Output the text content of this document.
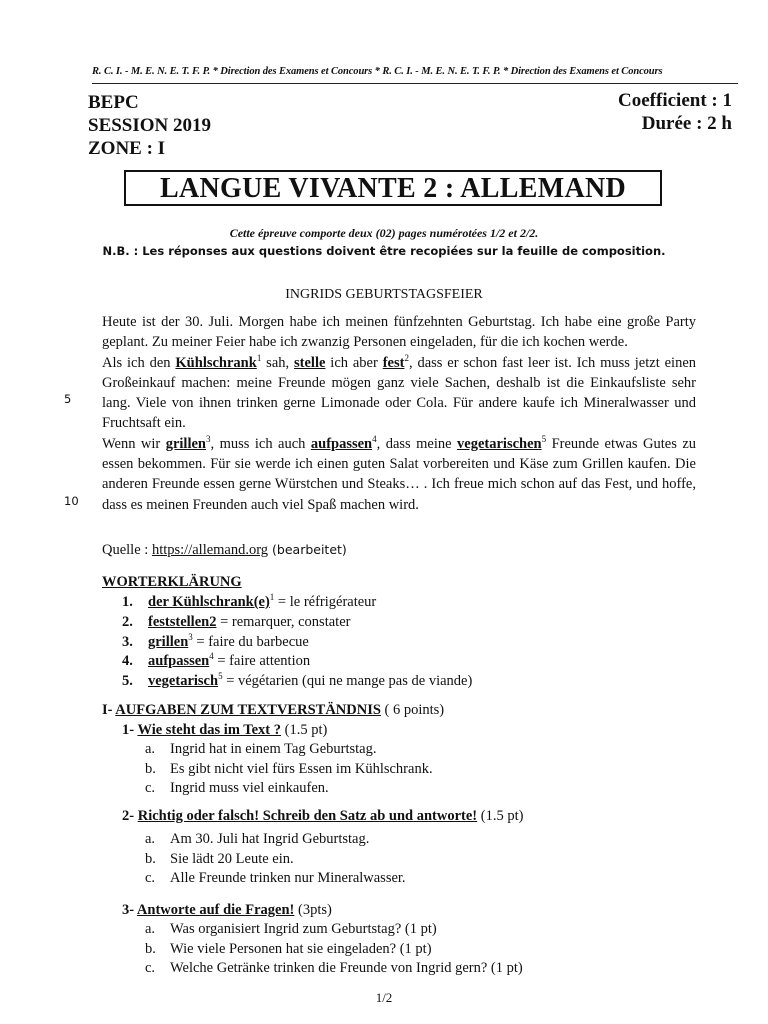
R. C. I. - M. E. N. E. T. F. P. * Direction des Examens et Concours * R. C. I. - M. E. N. E. T. F. P. * Direction des Examens et Concours
BEPC
SESSION 2019
ZONE : I
Coefficient : 1
Durée : 2 h
LANGUE VIVANTE 2 : ALLEMAND
Cette épreuve comporte deux (02) pages numérotées 1/2 et 2/2.
N.B. : Les réponses aux questions doivent être recopiées sur la feuille de composition.
INGRIDS GEBURTSTAGSFEIER

Heute ist der 30. Juli. Morgen habe ich meinen fünfzehnten Geburtstag. Ich habe eine große Party geplant. Zu meiner Feier habe ich zwanzig Personen eingeladen, für die ich kochen werde.

Als ich den Kühlschrank$^1$ sah, stelle ich aber fest$^2$, dass er schon fast leer ist. Ich muss jetzt einen Großeinkauf machen: meine Freunde mögen ganz viele Sachen, deshalb ist die Einkaufsliste sehr lang. Viele von ihnen trinken gerne Limonade oder Cola. Für andere kaufe ich Mineralwasser und Fruchtsaft ein.

Wenn wir grillen$^3$, muss ich auch aufpassen$^4$, dass meine vegetarischen$^5$ Freunde etwas Gutes zu essen bekommen. Für sie werde ich einen guten Salat vorbereiten und Käse zum Grillen kaufen. Die anderen Freunde essen gerne Würstchen und Steaks… . Ich freue mich schon auf das Fest, und hoffe, dass es meinen Freunden auch viel Spaß machen wird.

5
10
Quelle : https://allemand.org (bearbeitet)
WORTERKLÄRUNG
1. der $Kühlschrank(e)^1$ = le réfrigérateur
2. feststellen2 = remarquer, constater
3. grillen$^3$ = faire du barbecue
4. aufpassen$^4$ = faire attention
5. vegetarisch$^5$ = végétarien (qui ne mange pas de viande)
I- AUFGABEN ZUM TEXTVERSTÄNDNIS ( 6 points)
1- Wie steht das im Text ? (1.5 pt)
a. Ingrid hat in einem Tag Geburtstag.
b. Es gibt nicht viel fürs Essen im Kühlschrank.
c. Ingrid muss viel einkaufen.
2- Richtig oder falsch! Schreib den Satz ab und antworte! (1.5 pt)
a. Am 30. Juli hat Ingrid Geburtstag.
b. Sie lädt 20 Leute ein.
c. Alle Freunde trinken nur Mineralwasser.
3- Antworte auf die Fragen! (3pts)
a. Was organisiert Ingrid zum Geburtstag? (1 pt)
b. Wie viele Personen hat sie eingeladen? (1 pt)
c. Welche Getränke trinken die Freunde von Ingrid gern? (1 pt)
1/2
